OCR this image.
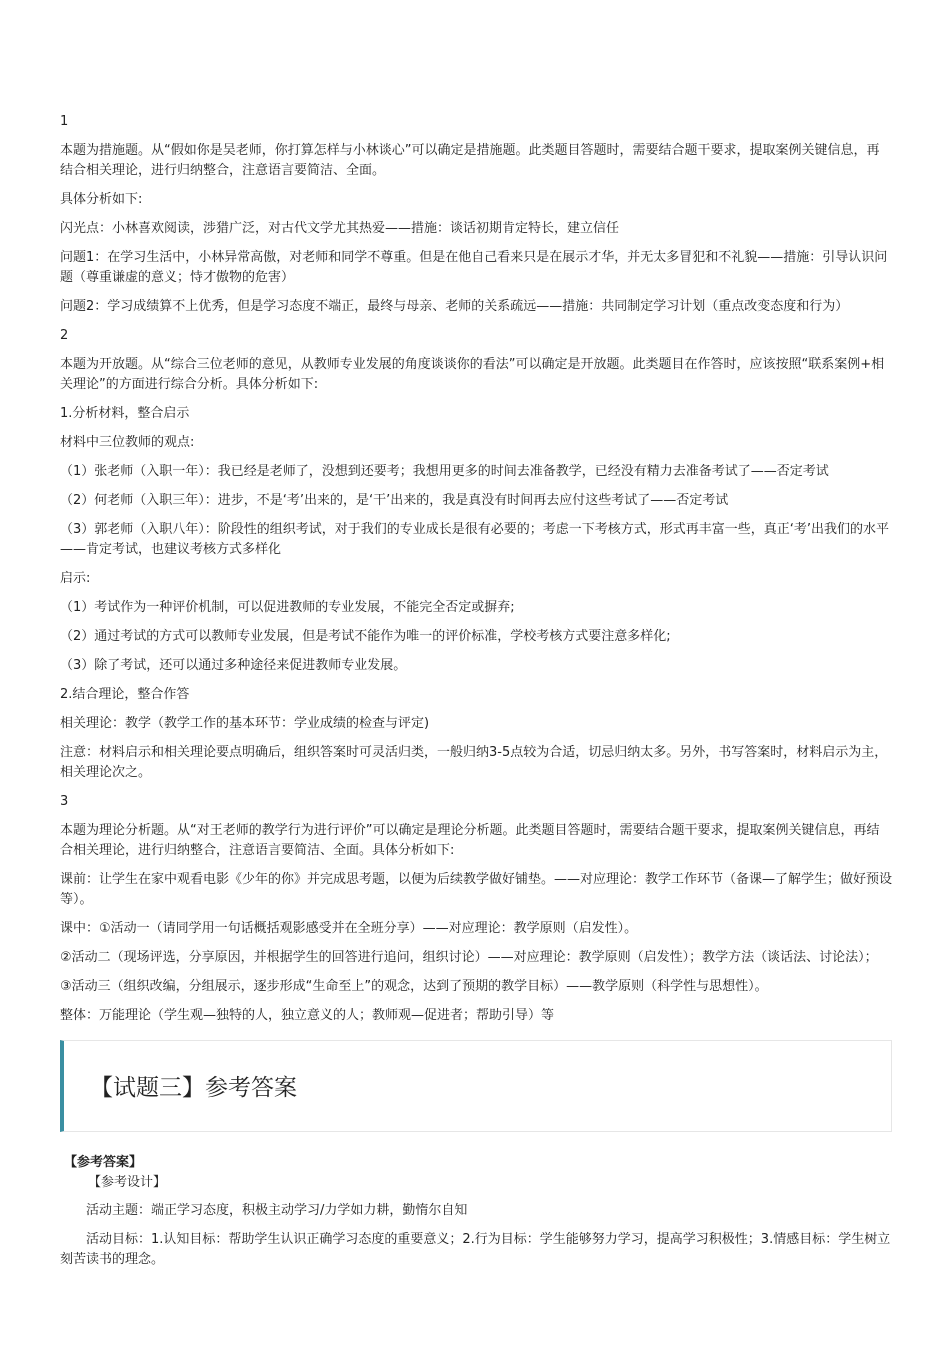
1
本题为措施题。从“假如你是吴老师，你打算怎样与小林谈心”可以确定是措施题。此类题目答题时，需要结合题干要求，提取案例关键信息，再结合相关理论，进行归纳整合，注意语言要简洁、全面。
具体分析如下:
闪光点：小林喜欢阅读，涉猎广泛，对古代文学尤其热爱——措施：谈话初期肯定特长，建立信任
问题1：在学习生活中，小林异常高傲，对老师和同学不尊重。但是在他自己看来只是在展示才华，并无太多冒犯和不礼貌——措施：引导认识问题（尊重谦虚的意义；恃才傲物的危害）
问题2：学习成绩算不上优秀，但是学习态度不端正，最终与母亲、老师的关系疏远——措施：共同制定学习计划（重点改变态度和行为）
2
本题为开放题。从“综合三位老师的意见，从教师专业发展的角度谈谈你的看法”可以确定是开放题。此类题目在作答时，应该按照“联系案例+相关理论”的方面进行综合分析。具体分析如下:
1.分析材料，整合启示
材料中三位教师的观点:
（1）张老师（入职一年）：我已经是老师了，没想到还要考；我想用更多的时间去准备教学，已经没有精力去准备考试了——否定考试
（2）何老师（入职三年）：进步，不是‘考’出来的，是‘干’出来的，我是真没有时间再去应付这些考试了——否定考试
（3）郭老师（入职八年）：阶段性的组织考试，对于我们的专业成长是很有必要的；考虑一下考核方式，形式再丰富一些，真正‘考’出我们的水平——肯定考试，也建议考核方式多样化
启示:
（1）考试作为一种评价机制，可以促进教师的专业发展，不能完全否定或摒弃;
（2）通过考试的方式可以教师专业发展，但是考试不能作为唯一的评价标准，学校考核方式要注意多样化;
（3）除了考试，还可以通过多种途径来促进教师专业发展。
2.结合理论，整合作答
相关理论：教学（教学工作的基本环节：学业成绩的检查与评定)
注意：材料启示和相关理论要点明确后，组织答案时可灵活归类，一般归纳3-5点较为合适，切忌归纳太多。另外，书写答案时，材料启示为主，相关理论次之。
3
本题为理论分析题。从“对王老师的教学行为进行评价”可以确定是理论分析题。此类题目答题时，需要结合题干要求，提取案例关键信息，再结合相关理论，进行归纳整合，注意语言要简洁、全面。具体分析如下:
课前：让学生在家中观看电影《少年的你》并完成思考题，以便为后续教学做好铺垫。——对应理论：教学工作环节（备课—了解学生；做好预设等）。
课中：①活动一（请同学用一句话概括观影感受并在全班分享）——对应理论：教学原则（启发性）。
②活动二（现场评选，分享原因，并根据学生的回答进行追问，组织讨论）——对应理论：教学原则（启发性）；教学方法（谈话法、讨论法）；
③活动三（组织改编，分组展示，逐步形成“生命至上”的观念，达到了预期的教学目标）——教学原则（科学性与思想性）。
整体：万能理论（学生观—独特的人，独立意义的人；教师观—促进者；帮助引导）等
【试题三】参考答案
【参考答案】
【参考设计】
活动主题：端正学习态度，积极主动学习/力学如力耕，勤惰尔自知
活动目标：1.认知目标：帮助学生认识正确学习态度的重要意义；2.行为目标：学生能够努力学习，提高学习积极性；3.情感目标：学生树立刻苦读书的理念。
